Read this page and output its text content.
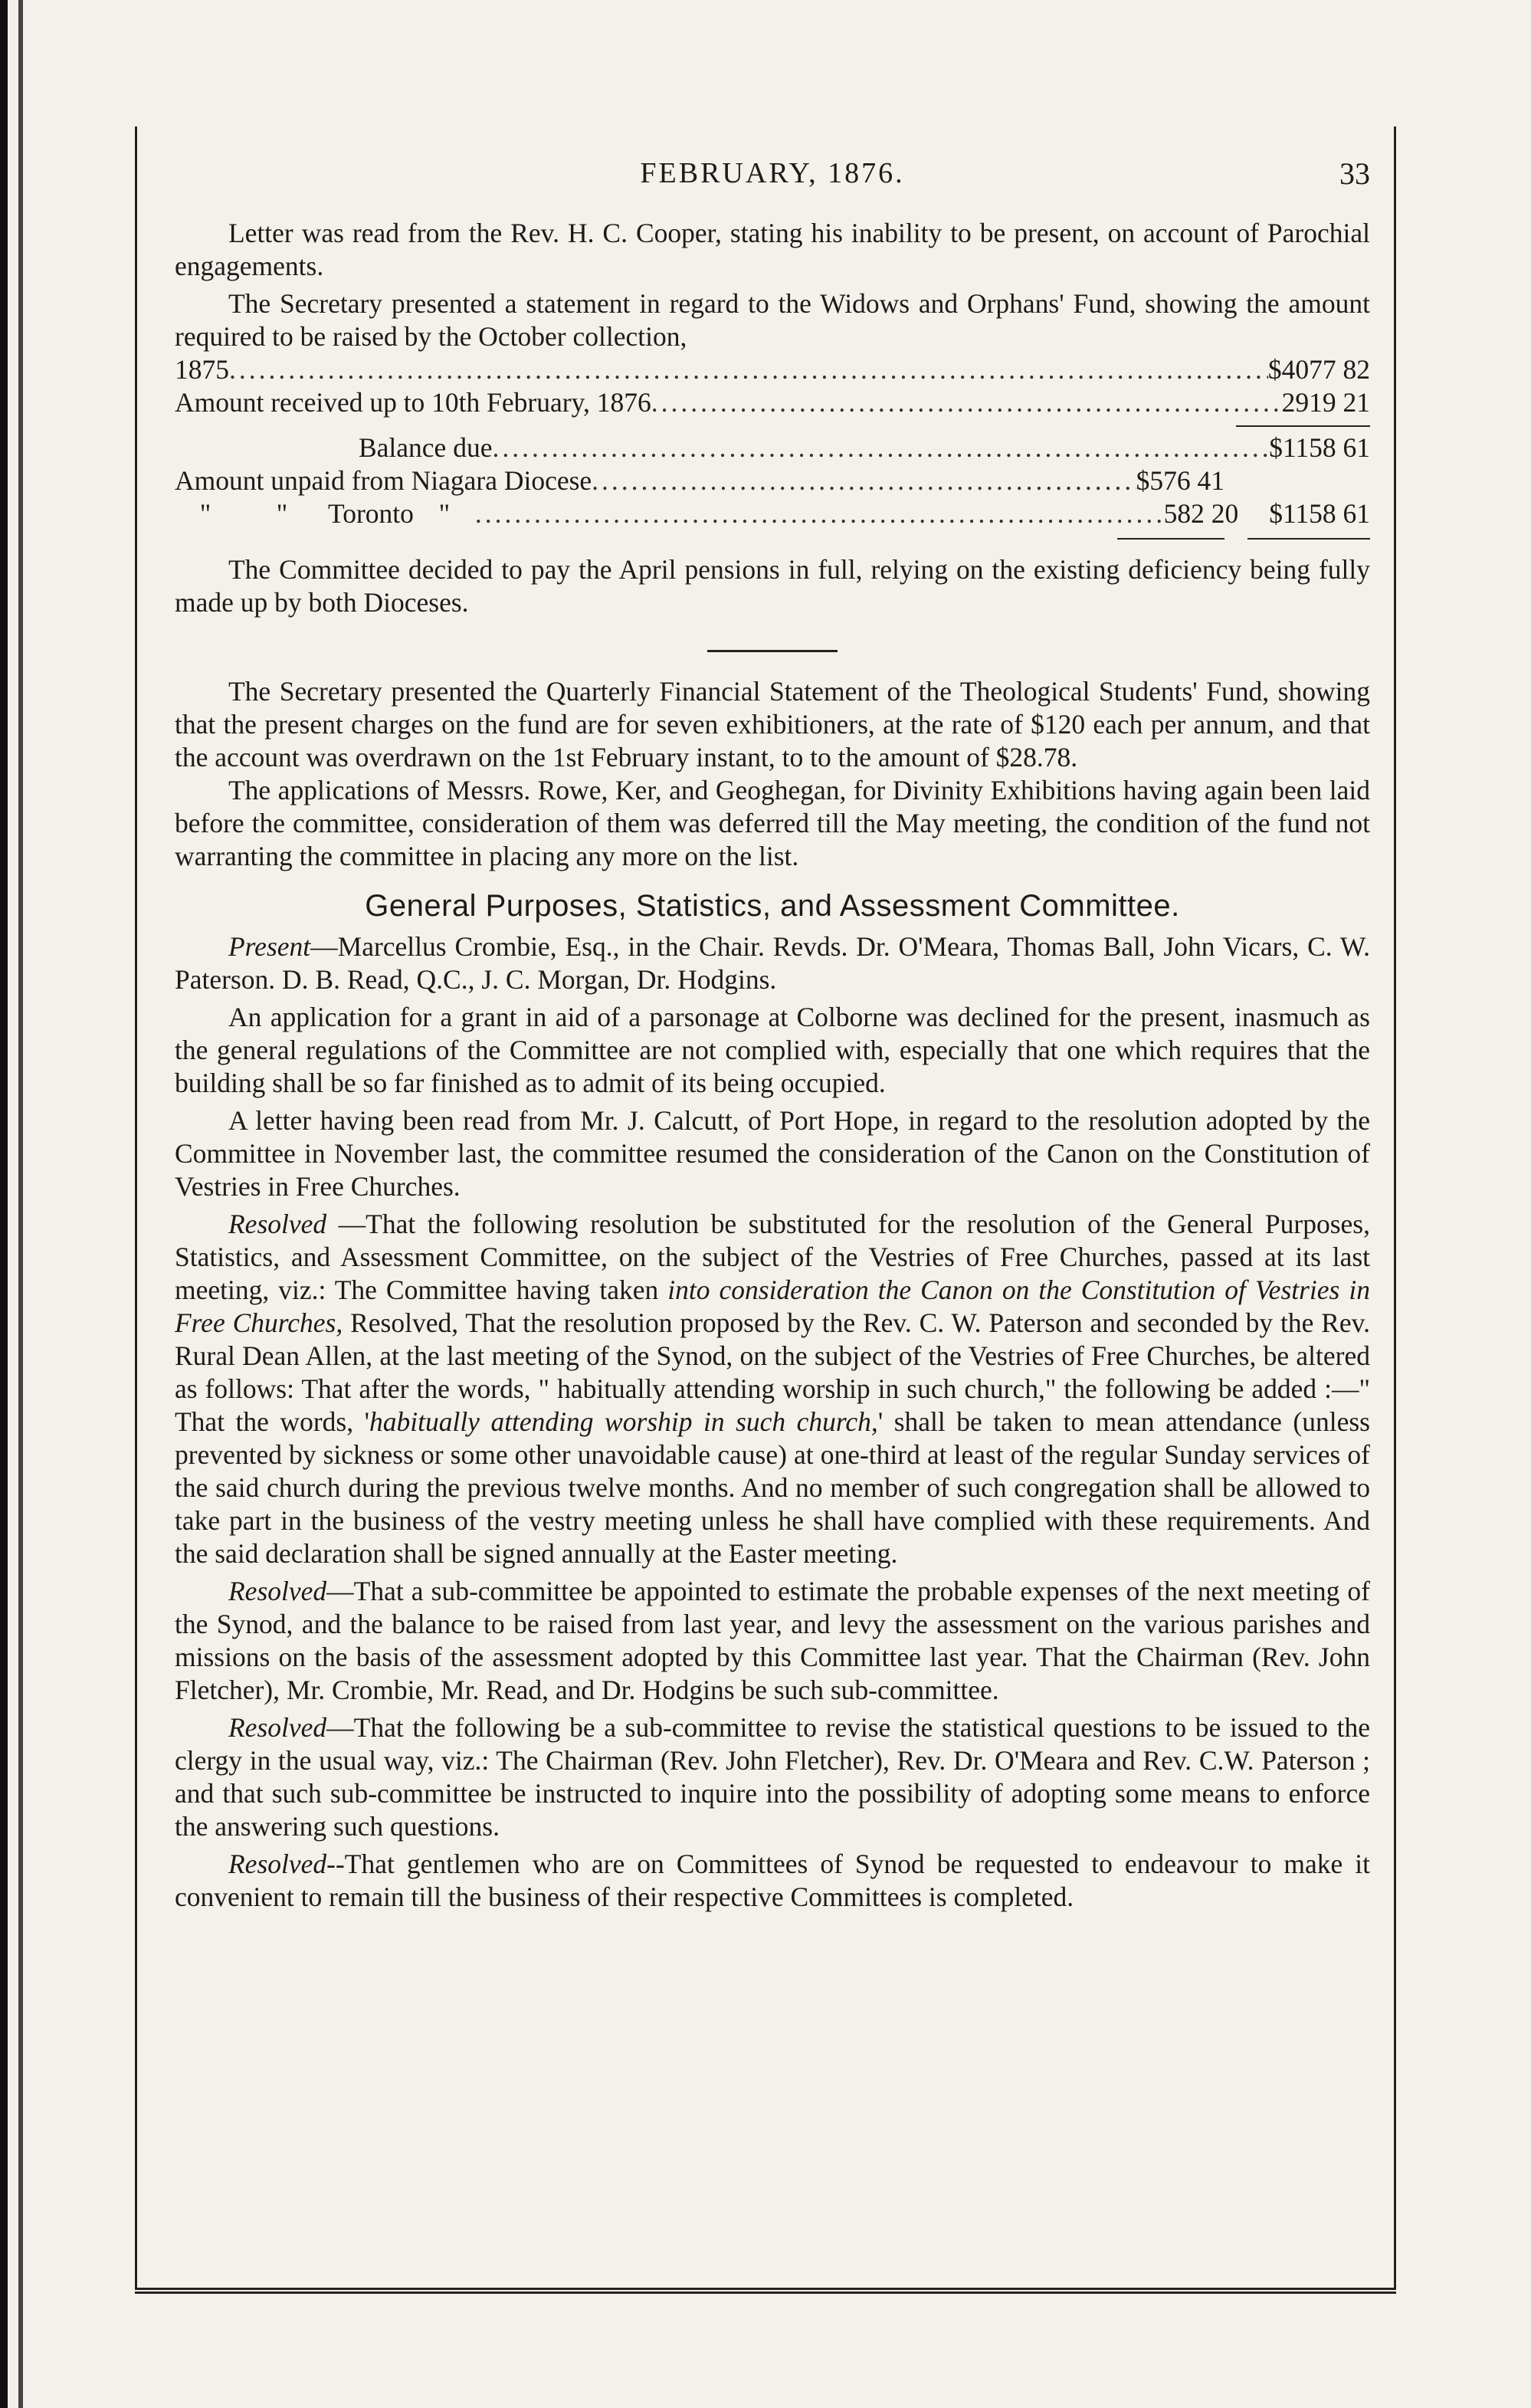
FEBRUARY, 1876.	33

Letter was read from the Rev. H. C. Cooper, stating his inability to be present, on account of Parochial engagements.

The Secretary presented a statement in regard to the Widows and Orphans' Fund, showing the amount required to be raised by the October collection,

1875 .....	$4077 82
Amount received up to 10th February, 1876 .....	2919 21
Balance due .....	$1158 61
Amount unpaid from Niagara Diocese .....	$576 41
"	"	Toronto " .....	582 20 $1158 61

The Committee decided to pay the April pensions in full, relying on the existing deficiency being fully made up by both Dioceses.

The Secretary presented the Quarterly Financial Statement of the Theological Students' Fund, showing that the present charges on the fund are for seven exhibitioners, at the rate of $120 each per annum, and that the account was overdrawn on the 1st February instant, to to the amount of $28.78.

The applications of Messrs. Rowe, Ker, and Geoghegan, for Divinity Exhibitions having again been laid before the committee, consideration of them was deferred till the May meeting, the condition of the fund not warranting the committee in placing any more on the list.

General Purposes, Statistics, and Assessment Committee.

Present—Marcellus Crombie, Esq., in the Chair. Revds. Dr. O'Meara, Thomas Ball, John Vicars, C. W. Paterson. D. B. Read, Q.C., J. C. Morgan, Dr. Hodgins.

An application for a grant in aid of a parsonage at Colborne was declined for the present, inasmuch as the general regulations of the Committee are not complied with, especially that one which requires that the building shall be so far finished as to admit of its being occupied.

A letter having been read from Mr. J. Calcutt, of Port Hope, in regard to the resolution adopted by the Committee in November last, the committee resumed the consideration of the Canon on the Constitution of Vestries in Free Churches.

Resolved —That the following resolution be substituted for the resolution of the General Purposes, Statistics, and Assessment Committee, on the subject of the Vestries of Free Churches, passed at its last meeting, viz.: The Committee having taken into consideration the Canon on the Constitution of Vestries in Free Churches, Resolved, That the resolution proposed by the Rev. C. W. Paterson and seconded by the Rev. Rural Dean Allen, at the last meeting of the Synod, on the subject of the Vestries of Free Churches, be altered as follows: That after the words, " habitually attending worship in such church," the following be added :—" That the words, 'habitually attending worship in such church,' shall be taken to mean attendance (unless prevented by sickness or some other unavoidable cause) at one-third at least of the regular Sunday services of the said church during the previous twelve months. And no member of such congregation shall be allowed to take part in the business of the vestry meeting unless he shall have complied with these requirements. And the said declaration shall be signed annually at the Easter meeting.

Resolved—That a sub-committee be appointed to estimate the probable expenses of the next meeting of the Synod, and the balance to be raised from last year, and levy the assessment on the various parishes and missions on the basis of the assessment adopted by this Committee last year. That the Chairman (Rev. John Fletcher), Mr. Crombie, Mr. Read, and Dr. Hodgins be such sub-committee.

Resolved—That the following be a sub-committee to revise the statistical questions to be issued to the clergy in the usual way, viz.: The Chairman (Rev. John Fletcher), Rev. Dr. O'Meara and Rev. C.W. Paterson ; and that such sub-committee be instructed to inquire into the possibility of adopting some means to enforce the answering such questions.

Resolved--That gentlemen who are on Committees of Synod be requested to endeavour to make it convenient to remain till the business of their respective Committees is completed.
